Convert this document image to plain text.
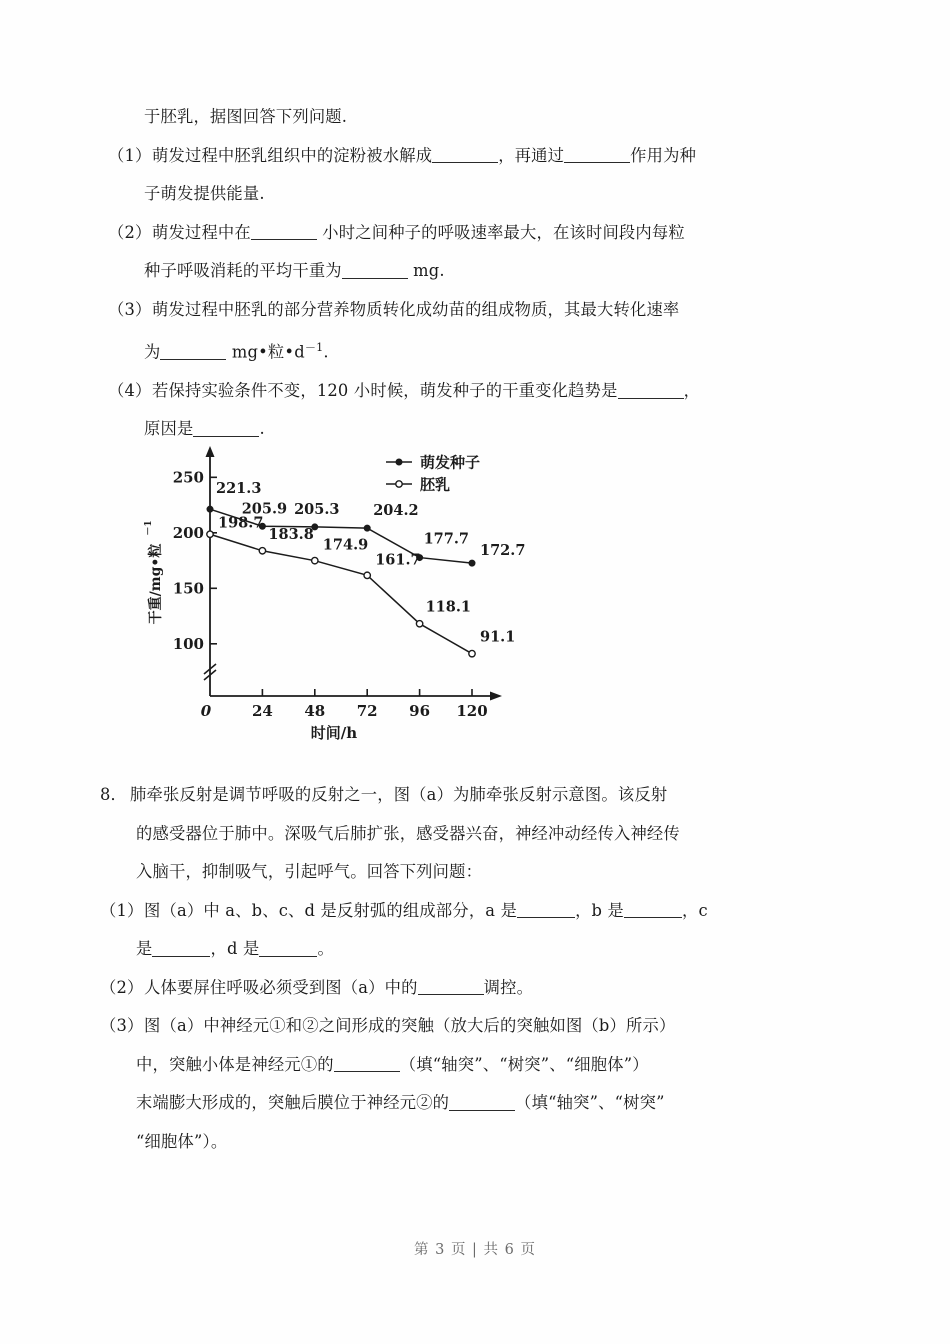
于胚乳，据图回答下列问题.
（1） 萌发过程中胚乳组织中的淀粉被水解成	，再通过	作用为种
子萌发提供能量.
（2） 萌发过程中在	小时之间种子的呼吸速率最大，在该时间段内每粒
种子呼吸消耗的平均干重为	mg.
（3） 萌发过程中胚乳的部分营养物质转化成幼苗的组成物质，其最大转化速率
为	mg•粒$•d^{-1}$.
（4） 若保持实验条件不变，120 小时候，萌发种子的干重变化趋势是	，
原因是	.
100
150
200
250
0	24 48 72 96 120
时间/h
干重/mg•粒
－1
221.3
205.9 205.3 204.2
177.7
172.7
198.7
183.8
174.9
161.7
118.1
91.1
萌发种子
胚乳
8． 肺牵张反射是调节呼吸的反射之一，图（a）为肺牵张反射示意图。该反射
的感受器位于肺中。深吸气后肺扩张，感受器兴奋，神经冲动经传入神经传
入脑干，抑制吸气，引起呼气。回答下列问题：
（1） 图（a）中 a、b、c、d 是反射弧的组成部分，a 是	，b 是	，c
是	，d 是	。
（2） 人体要屏住呼吸必须受到图（a）中的	调控。
（3） 图（a）中神经元①和②之间形成的突触（放大后的突触如图（b）所示）
中，突触小体是神经元①的	（填“轴突”、“树突”、“细胞体”）
末端膨大形成的，突触后膜位于神经元②的	（填“轴突”、“树突”
“细胞体”）。
第 3 页 | 共 6 页
